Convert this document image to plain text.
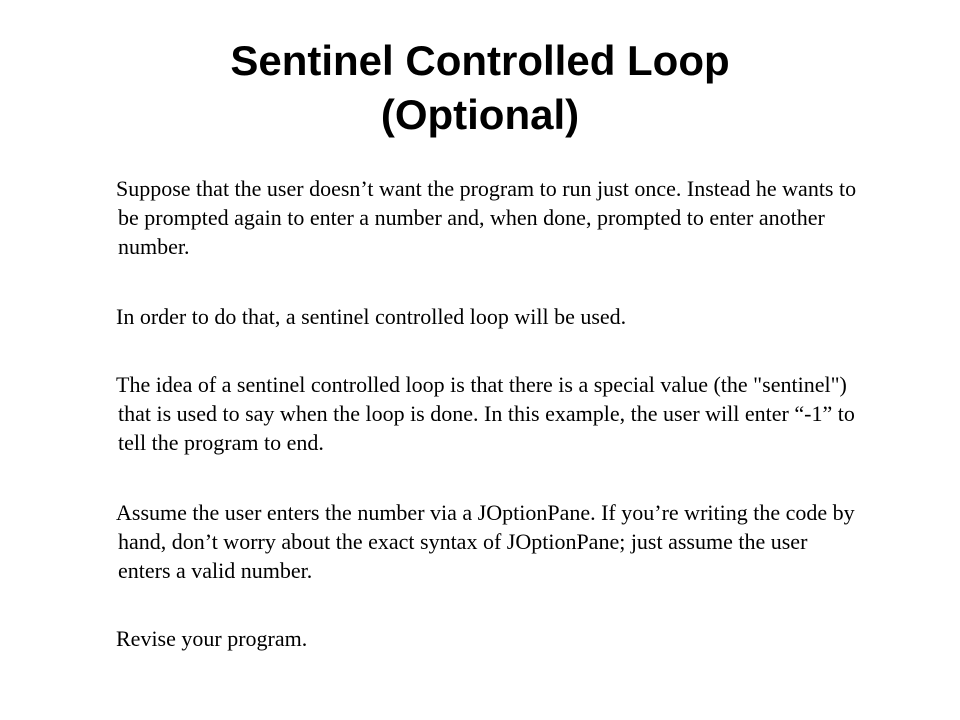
Sentinel Controlled Loop
(Optional)

Suppose that the user doesn’t want the program to run just once. Instead he wants to be prompted again to enter a number and, when done, prompted to enter another number.

In order to do that, a sentinel controlled loop will be used.

The idea of a sentinel controlled loop is that there is a special value (the "sentinel") that is used to say when the loop is done. In this example, the user will enter “-1” to tell the program to end.

Assume the user enters the number via a JOptionPane. If you’re writing the code by hand, don’t worry about the exact syntax of JOptionPane; just assume the user enters a valid number.

Revise your program.
